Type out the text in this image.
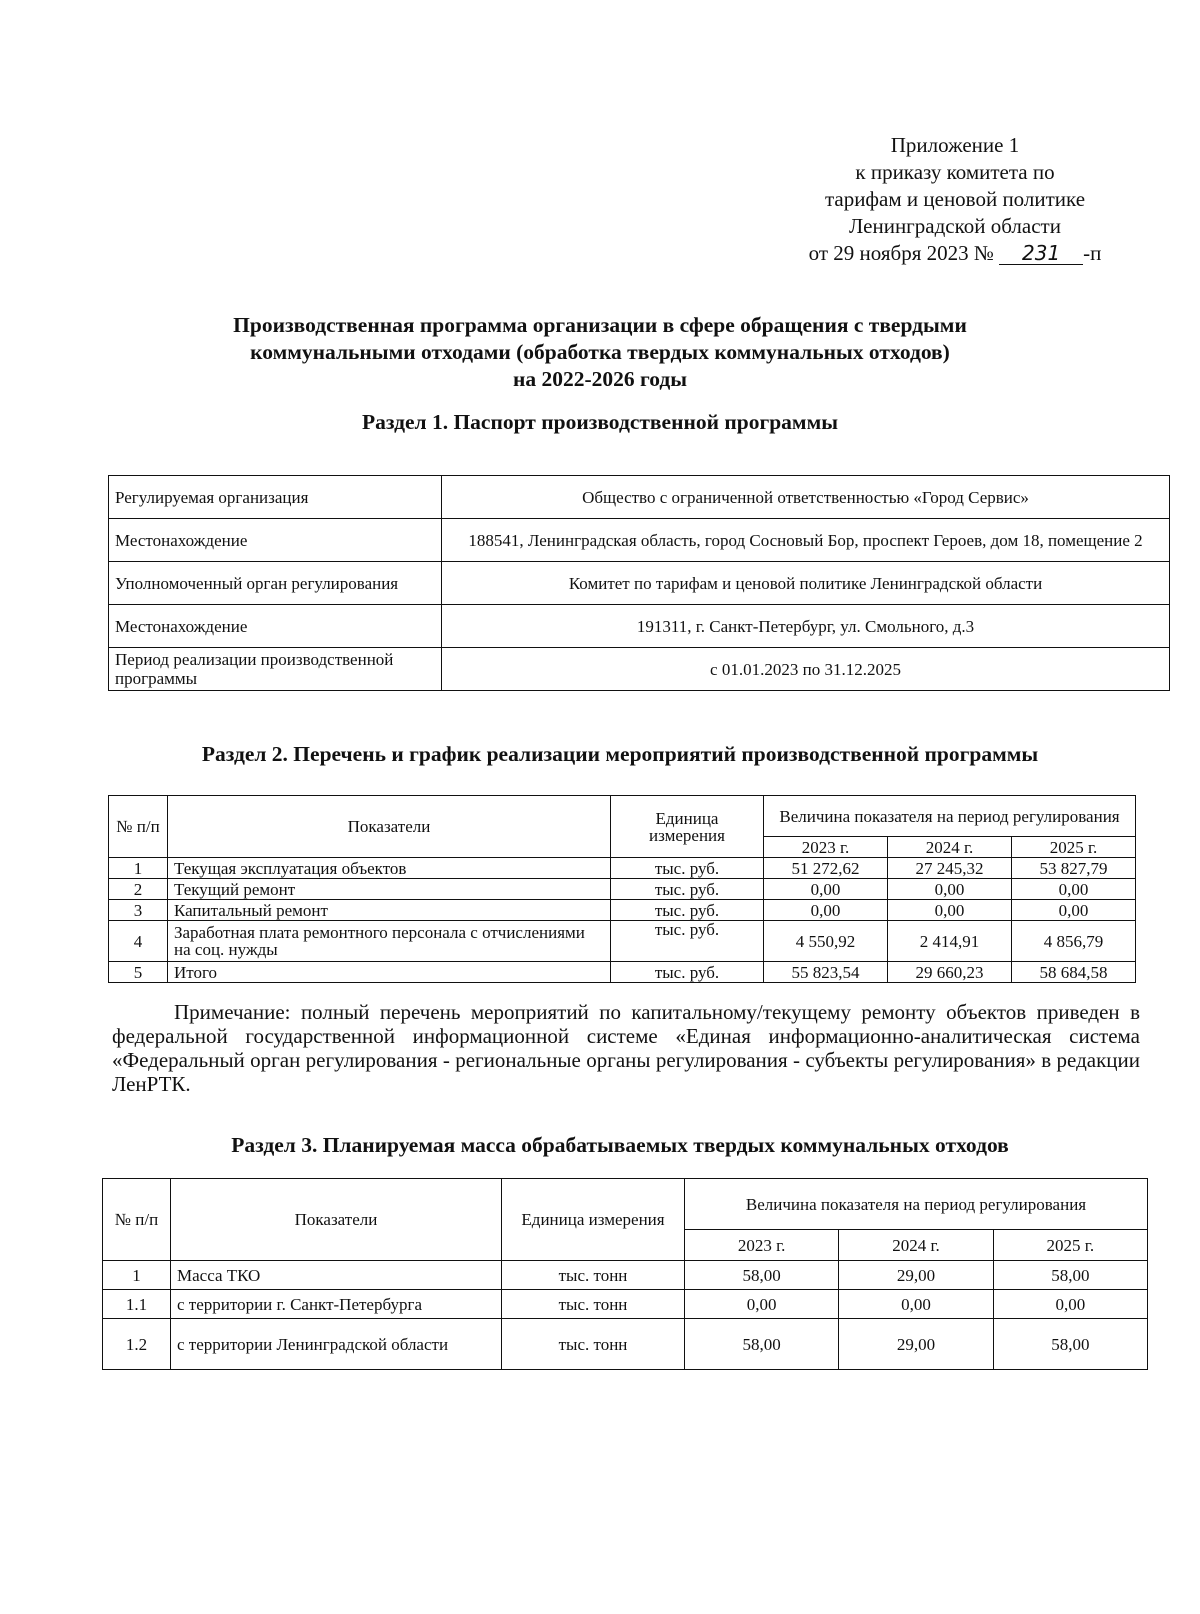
Приложение 1
к приказу комитета по
тарифам и ценовой политике
Ленинградской области
от 29 ноября 2023 № 231 -п
Производственная программа организации в сфере обращения с твердыми
коммунальными отходами (обработка твердых коммунальных отходов)
на 2022-2026 годы
Раздел 1. Паспорт производственной программы
Регулируемая организация	Общество с ограниченной ответственностью «Город Сервис»
Местонахождение	188541, Ленинградская область, город Сосновый Бор, проспект Героев, дом 18, помещение 2
Уполномоченный орган регулирования	Комитет по тарифам и ценовой политике Ленинградской области
Местонахождение	191311, г. Санкт-Петербург, ул. Смольного, д.3
Период реализации производственной программы	с 01.01.2023 по 31.12.2025
Раздел 2. Перечень и график реализации мероприятий производственной программы
№ п/п	Показатели	Единица измерения	Величина показателя на период регулирования		
			2023 г.	2024 г.	2025 г.
1	Текущая эксплуатация объектов	тыс. руб.	51 272,62	27 245,32	53 827,79
2	Текущий ремонт	тыс. руб.	0,00	0,00	0,00
3	Капитальный ремонт	тыс. руб.	0,00	0,00	0,00
4	Заработная плата ремонтного персонала с отчислениями на соц. нужды	тыс. руб.	4 550,92	2 414,91	4 856,79
5	Итого	тыс. руб.	55 823,54	29 660,23	58 684,58

Примечание: полный перечень мероприятий по капитальному/текущему ремонту объектов приведен в федеральной государственной информационной системе «Единая информационно-аналитическая система «Федеральный орган регулирования - региональные органы регулирования - субъекты регулирования» в редакции ЛенРТК.

Раздел 3. Планируемая масса обрабатываемых твердых коммунальных отходов
№ п/п	Показатели	Единица измерения	Величина показателя на период регулирования		
			2023 г.	2024 г.	2025 г.
1	Масса ТКО	тыс. тонн	58,00	29,00	58,00
1.1	с территории г. Санкт-Петербурга	тыс. тонн	0,00	0,00	0,00
1.2	с территории Ленинградской области	тыс. тонн	58,00	29,00	58,00
